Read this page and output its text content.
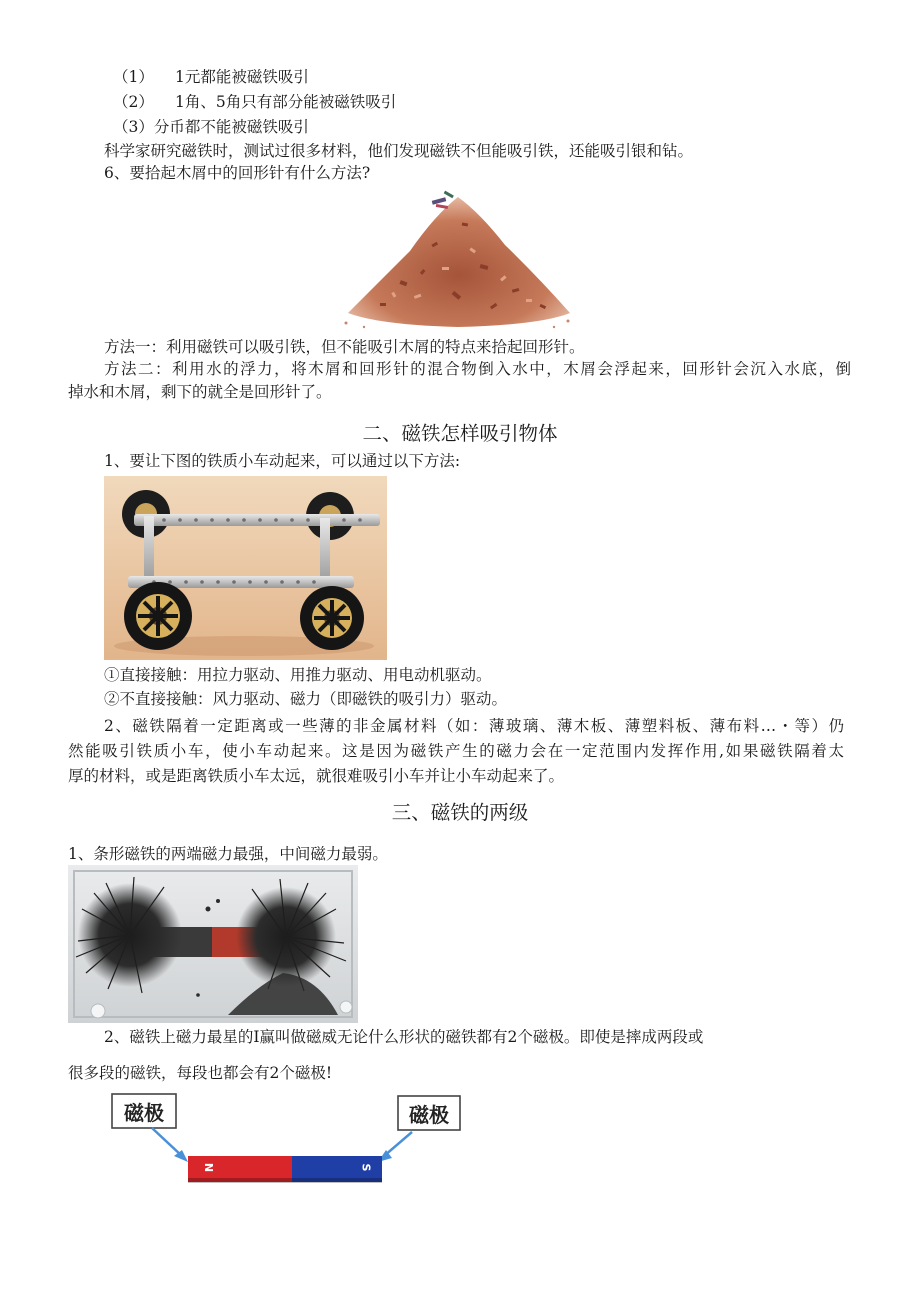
（1） 1元都能被磁铁吸引
（2） 1角、5角只有部分能被磁铁吸引
（3）分币都不能被磁铁吸引
科学家研究磁铁时，测试过很多材料，他们发现磁铁不但能吸引铁，还能吸引银和钻。
6、要拾起木屑中的回形针有什么方法?
方法一：利用磁铁可以吸引铁，但不能吸引木屑的特点来拾起回形针。
方法二：利用水的浮力，将木屑和回形针的混合物倒入水中，木屑会浮起来，回形针会沉入水底，倒
掉水和木屑，剩下的就全是回形针了。
二、磁铁怎样吸引物体
1、要让下图的铁质小车动起来，可以通过以下方法:
①直接接触：用拉力驱动、用推力驱动、用电动机驱动。
②不直接接触：风力驱动、磁力（即磁铁的吸引力）驱动。
2、磁铁隔着一定距离或一些薄的非金属材料（如：薄玻璃、薄木板、薄塑料板、薄布料…・等）仍
然能吸引铁质小车，使小车动起来。这是因为磁铁产生的磁力会在一定范围内发挥作用,如果磁铁隔着太
厚的材料，或是距离铁质小车太远，就很难吸引小车并让小车动起来了。
三、磁铁的两级
1、条形磁铁的两端磁力最强，中间磁力最弱。
2、磁铁上磁力最星的I赢叫做磁威无论什么形状的磁铁都有2个磁极。即使是摔成两段或
很多段的磁铁，每段也都会有2个磁极!
磁极	磁极
N	S
